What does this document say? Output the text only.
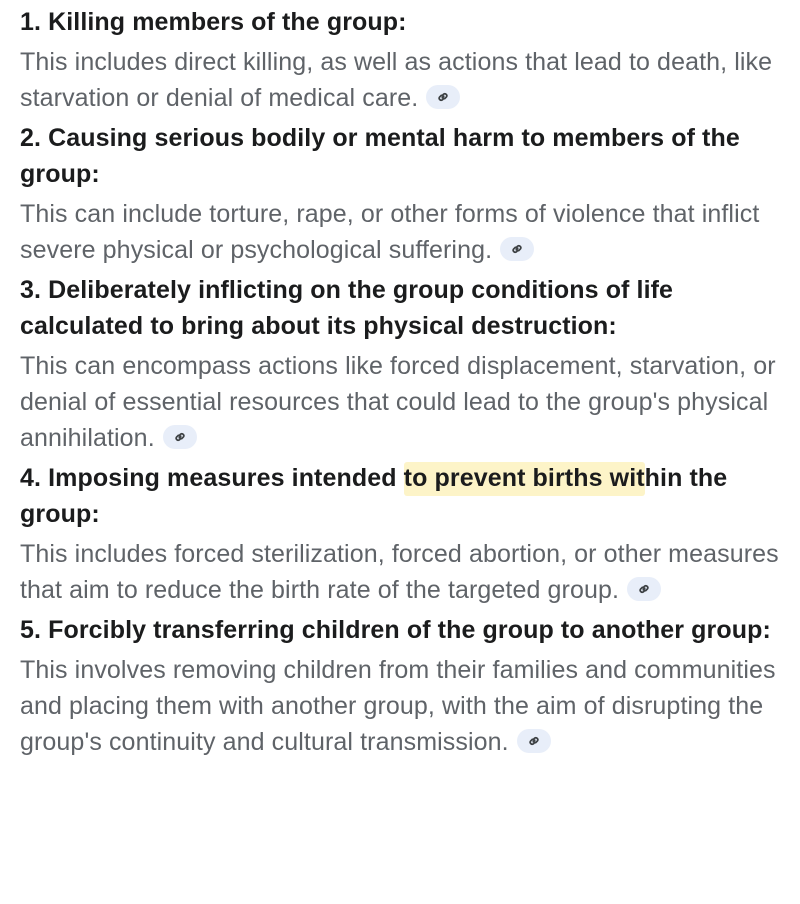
1. Killing members of the group:

This includes direct killing, as well as actions that lead to death, like starvation or denial of medical care.

2. Causing serious bodily or mental harm to members of the group:

This can include torture, rape, or other forms of violence that inflict severe physical or psychological suffering.

3. Deliberately inflicting on the group conditions of life calculated to bring about its physical destruction:

This can encompass actions like forced displacement, starvation, or denial of essential resources that could lead to the group's physical annihilation.

4. Imposing measures intended to prevent births within the group:

This includes forced sterilization, forced abortion, or other measures that aim to reduce the birth rate of the targeted group.

5. Forcibly transferring children of the group to another group:

This involves removing children from their families and communities and placing them with another group, with the aim of disrupting the group's continuity and cultural transmission.
